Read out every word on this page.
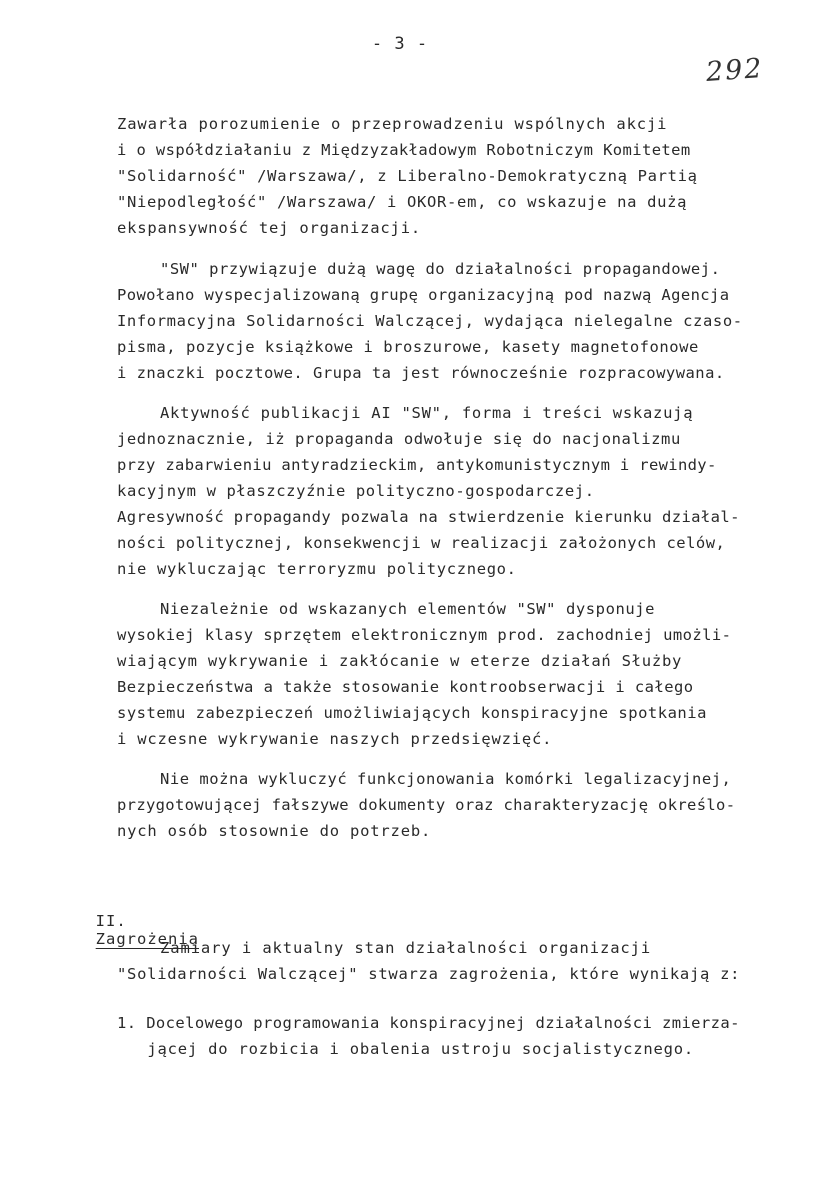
- 3 -
292
Zawarła porozumienie o przeprowadzeniu wspólnych akcji
i o współdziałaniu z Międzyzakładowym Robotniczym Komitetem
"Solidarność" /Warszawa/, z Liberalno-Demokratyczną Partią
"Niepodległość" /Warszawa/ i OKOR-em, co wskazuje na dużą
ekspansywność tej organizacji.
"SW" przywiązuje dużą wagę do działalności propagandowej.
Powołano wyspecjalizowaną grupę organizacyjną pod nazwą Agencja
Informacyjna Solidarności Walczącej, wydająca nielegalne czaso-
pisma, pozycje książkowe i broszurowe, kasety magnetofonowe
i znaczki pocztowe. Grupa ta jest równocześnie rozpracowywana.
Aktywność publikacji AI "SW", forma i treści wskazują
jednoznacznie, iż propaganda odwołuje się do nacjonalizmu
przy zabarwieniu antyradzieckim, antykomunistycznym i rewindy-
kacyjnym w płaszczyźnie polityczno-gospodarczej.
Agresywność propagandy pozwala na stwierdzenie kierunku działal-
ności politycznej, konsekwencji w realizacji założonych celów,
nie wykluczając terroryzmu politycznego.
Niezależnie od wskazanych elementów "SW" dysponuje
wysokiej klasy sprzętem elektronicznym prod. zachodniej umożli-
wiającym wykrywanie i zakłócanie w eterze działań Służby
Bezpieczeństwa a także stosowanie kontroobserwacji i całego
systemu zabezpieczeń umożliwiających konspiracyjne spotkania
i wczesne wykrywanie naszych przedsięwzięć.
Nie można wykluczyć funkcjonowania komórki legalizacyjnej,
przygotowującej fałszywe dokumenty oraz charakteryzację określo-
nych osób stosownie do potrzeb.

II.
Zagrożenia

Zamiary i aktualny stan działalności organizacji
"Solidarności Walczącej" stwarza zagrożenia, które wynikają z:
1. Docelowego programowania konspiracyjnej działalności zmierza-
jącej do rozbicia i obalenia ustroju socjalistycznego.
